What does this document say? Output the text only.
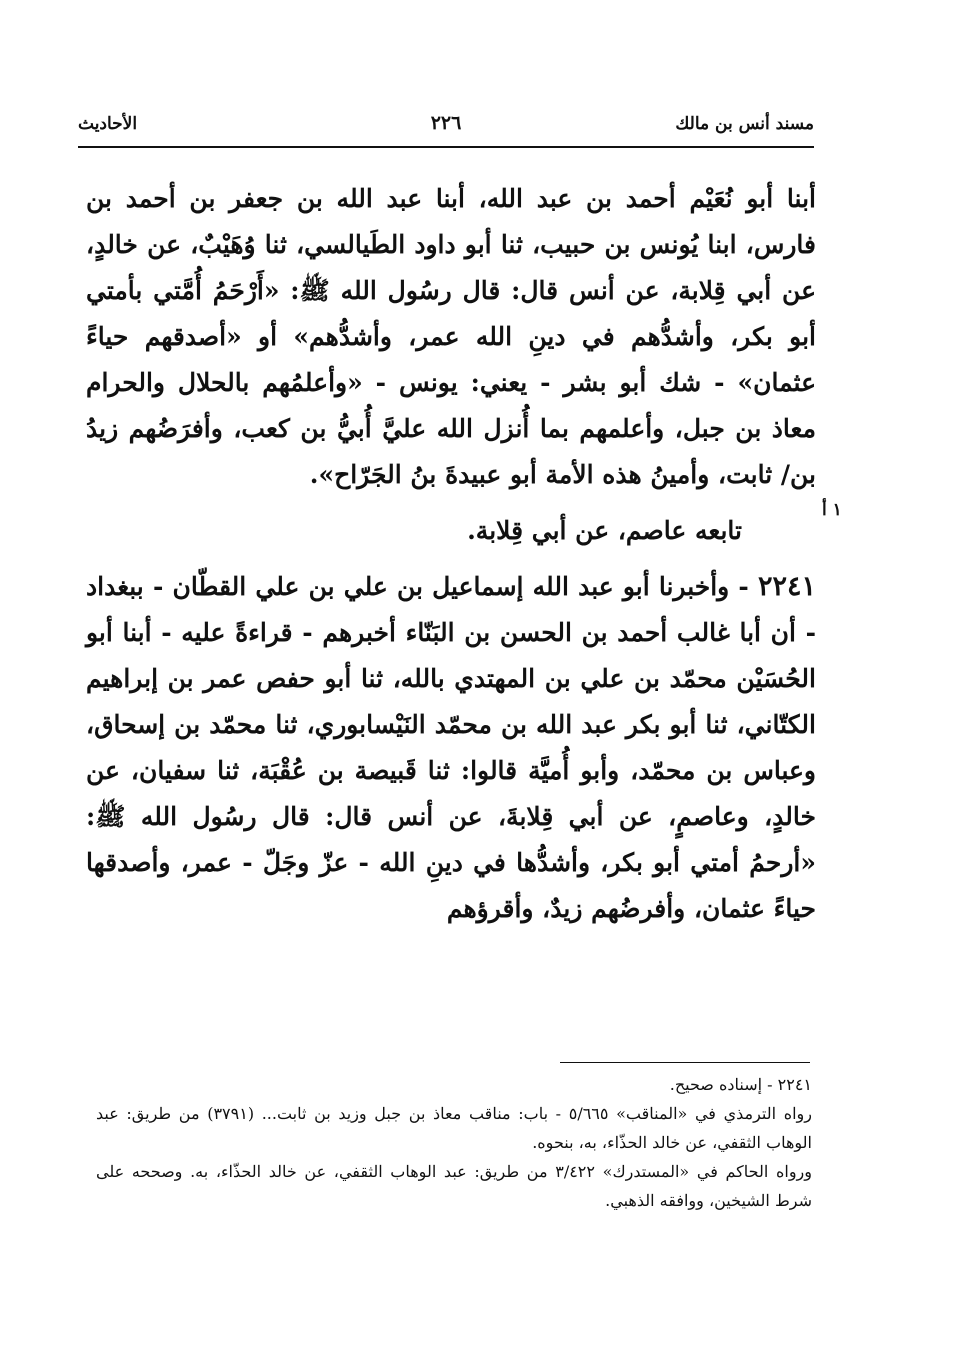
مسند أنس بن مالك
٢٢٦
الأحاديث
١ أ

أبنا أبو نُعَيْم أحمد بن عبد الله، أبنا عبد الله بن جعفر بن أحمد بن فارس، ابنا يُونس بن حبيب، ثنا أبو داود الطَيالسي، ثنا وُهَيْبٌ، عن خالدٍ، عن أبي قِلابة، عن أنس قال: قال رسُول الله ﷺ: «أَرْحَمُ أُمَّتي بأمتي أبو بكر، وأشدُّهم في دينِ الله عمر، وأشدُّهم» أو «أصدقهم حياءً عثمان» - شك أبو بشر - يعني: يونس - «وأعلمُهم بالحلال والحرام معاذ بن جبل، وأعلمهم بما أُنزل الله عليَّ أُبيُّ بن كعب، وأفرَضُهم زيدُ بن/ ثابت، وأمينُ هذه الأمة أبو عبيدةَ بنُ الجَرّاح».

تابعه عاصم، عن أبي قِلابة.

٢٢٤١ - وأخبرنا أبو عبد الله إسماعيل بن علي بن علي القطّان - ببغداد - أن أبا غالب أحمد بن الحسن بن البَنّاء أخبرهم - قراءةً عليه - أبنا أبو الحُسَيْن محمّد بن علي بن المهتدي بالله، ثنا أبو حفص عمر بن إبراهيم الكتّاني، ثنا أبو بكر عبد الله بن محمّد النَيْسابوري، ثنا محمّد بن إسحاق، وعباس بن محمّد، وأبو أُميَّة قالوا: ثنا قَبيصة بن عُقْبَة، ثنا سفيان، عن خالدٍ، وعاصمٍ، عن أبي قِلابةَ، عن أنس قال: قال رسُول الله ﷺ: «أرحمُ أمتي أبو بكر، وأشدُّها في دينِ الله - عزّ وجَلّ - عمر، وأصدقها حياءً عثمان، وأفرضُهم زيدٌ، وأقرؤهم

٢٢٤١ - إسناده صحيح.

رواه الترمذي في «المناقب» ٥/٦٦٥ - باب: مناقب معاذ بن جبل وزيد بن ثابت... (٣٧٩١) من طريق: عبد الوهاب الثقفي، عن خالد الحذّاء، به، بنحوه.

ورواه الحاكم في «المستدرك» ٣/٤٢٢ من طريق: عبد الوهاب الثقفي، عن خالد الحذّاء، به. وصححه على شرط الشيخين، ووافقه الذهبي.
